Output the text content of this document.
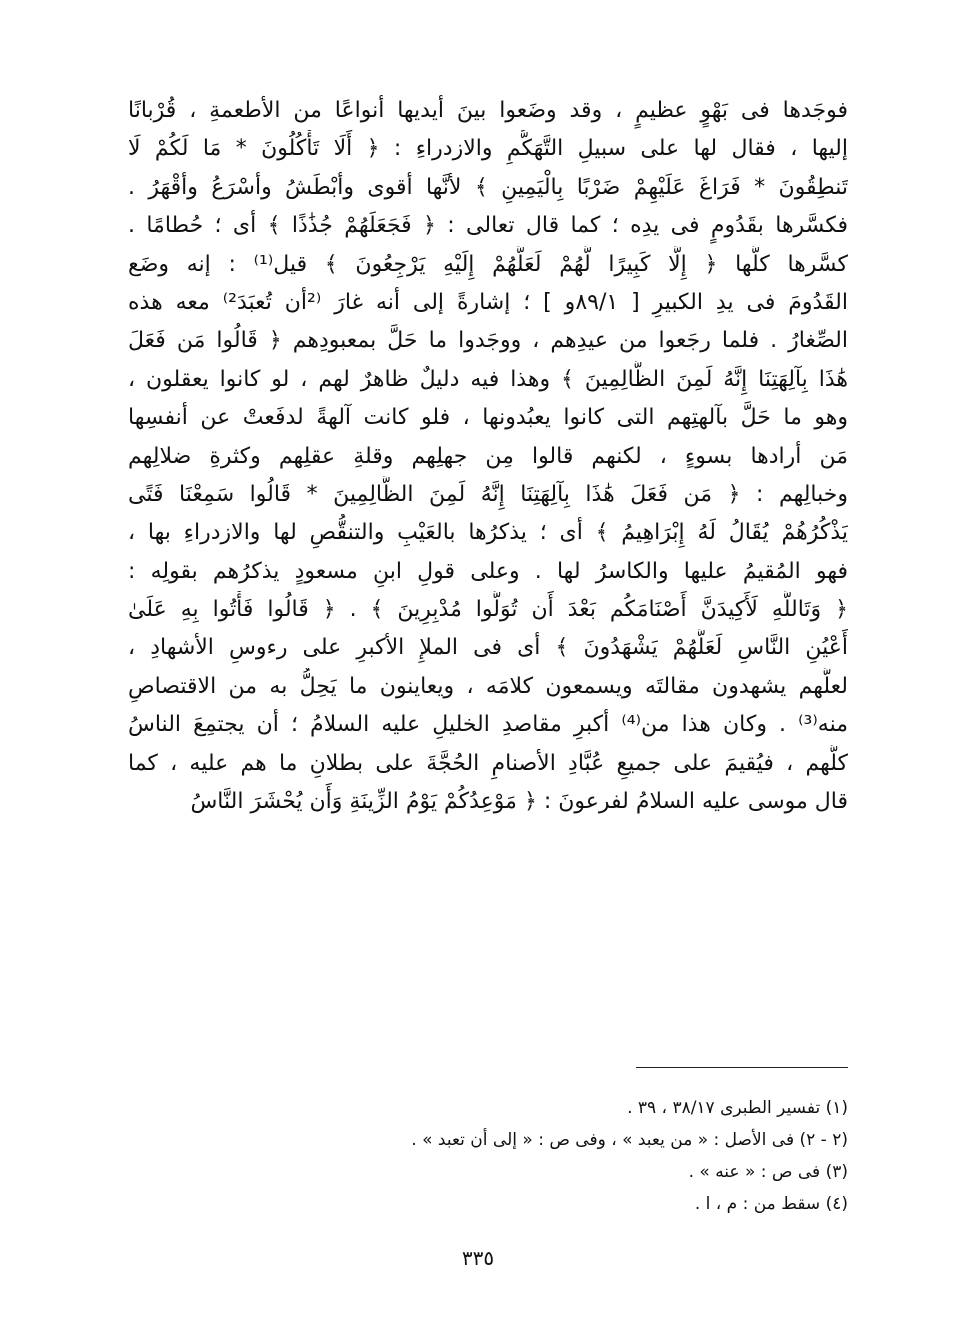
فوجَدها فى بَهْوٍ عظيمٍ ، وقد وضَعوا بينَ أيديها أنواعًا من الأطعمةِ ، قُرْبانًا
إليها ، فقال لها على سبيلِ التَّهَكُّمِ والازدراءِ : ﴿ أَلَا تَأْكُلُونَ * مَا لَكُمْ لَا
تَنطِقُونَ * فَرَاغَ عَلَيْهِمْ ضَرْبًا بِالْيَمِينِ ﴾ لأنَّها أقوى وأبْطَشُ وأسْرَعُ وأقْهَرُ .
فكسَّرها بقَدُومٍ فى يدِه ؛ كما قال تعالى : ﴿ فَجَعَلَهُمْ جُذَٰذًا ﴾ أى ؛ حُطامًا .
كسَّرها كلَّها ﴿ إِلَّا كَبِيرًا لَّهُمْ لَعَلَّهُمْ إِلَيْهِ يَرْجِعُونَ ﴾ قيل⁽¹⁾ : إنه وضَع
القَدُومَ فى يدِ الكبيرِ [ ٨٩/١و ] ؛ إشارةً إلى أنه غارَ ⁽²أن تُعبَدَ²⁾ معه هذه
الصِّغارُ . فلما رجَعوا من عيدِهم ، ووجَدوا ما حَلَّ بمعبودِهم ﴿ قَالُوا مَن فَعَلَ
هَٰذَا بِآلِهَتِنَا إِنَّهُ لَمِنَ الظَّالِمِينَ ﴾ وهذا فيه دليلٌ ظاهرٌ لهم ، لو كانوا يعقلون ،
وهو ما حَلَّ بآلهتِهم التى كانوا يعبُدونها ، فلو كانت آلهةً لدفَعتْ عن أنفسِها
مَن أرادها بسوءٍ ، لكنهم قالوا مِن جهلِهم وقلةِ عقلِهم وكثرةِ ضلالِهم
وخبالِهم : ﴿ مَن فَعَلَ هَٰذَا بِآلِهَتِنَا إِنَّهُ لَمِنَ الظَّالِمِينَ * قَالُوا سَمِعْنَا فَتًى
يَذْكُرُهُمْ يُقَالُ لَهُ إِبْرَاهِيمُ ﴾ أى ؛ يذكرُها بالعَيْبِ والتنقُّصِ لها والازدراءِ بها ،
فهو المُقيمُ عليها والكاسرُ لها . وعلى قولِ ابنِ مسعودٍ يذكرُهم بقولِه :
﴿ وَتَاللَّهِ لَأَكِيدَنَّ أَصْنَامَكُم بَعْدَ أَن تُوَلُّوا مُدْبِرِينَ ﴾ . ﴿ قَالُوا فَأْتُوا بِهِ عَلَىٰ
أَعْيُنِ النَّاسِ لَعَلَّهُمْ يَشْهَدُونَ ﴾ أى فى الملإِ الأكبرِ على رءوسِ الأشهادِ ،
لعلَّهم يشهدون مقالتَه ويسمعون كلامَه ، ويعاينون ما يَحِلُّ به من الاقتصاصِ
منه⁽³⁾ . وكان هذا من⁽⁴⁾ أكبرِ مقاصدِ الخليلِ عليه السلامُ ؛ أن يجتمِعَ الناسُ
كلُّهم ، فيُقيمَ على جميعِ عُبَّادِ الأصنامِ الحُجَّةَ على بطلانِ ما هم عليه ، كما
قال موسى عليه السلامُ لفرعونَ : ﴿ مَوْعِدُكُمْ يَوْمُ الزِّينَةِ وَأَن يُحْشَرَ النَّاسُ
(١) تفسير الطبرى ٣٨/١٧ ، ٣٩ .
(٢ - ٢) فى الأصل : « من يعبد » ، وفى ص : « إلى أن تعبد » .
(٣) فى ص : « عنه » .
(٤) سقط من : م ، ا .
٣٣٥
